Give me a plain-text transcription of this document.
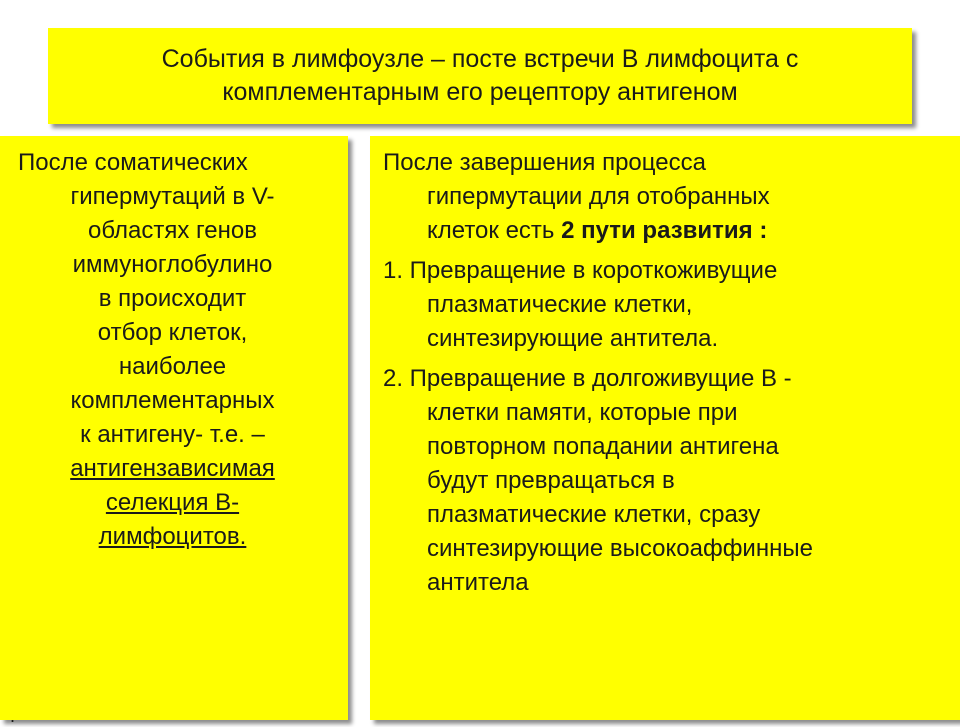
События в лимфоузле – посте встречи В лимфоцита с
комплементарным его рецептору антигеном
После соматических
гипермутаций в V-
областях генов
иммуноглобулино
в происходит
отбор клеток,
наиболее
комплементарных
к антигену- т.е. –
антигензависимая
селекция В-
лимфоцитов.
.
После завершения процесса
гипермутации для отобранных
клеток есть 2 пути развития :
1. Превращение в короткоживущие
плазматические клетки,
синтезирующие антитела.
2. Превращение в долгоживущие В -
клетки памяти, которые при
повторном попадании антигена
будут превращаться в
плазматические клетки, сразу
синтезирующие высокоаффинные
антитела
